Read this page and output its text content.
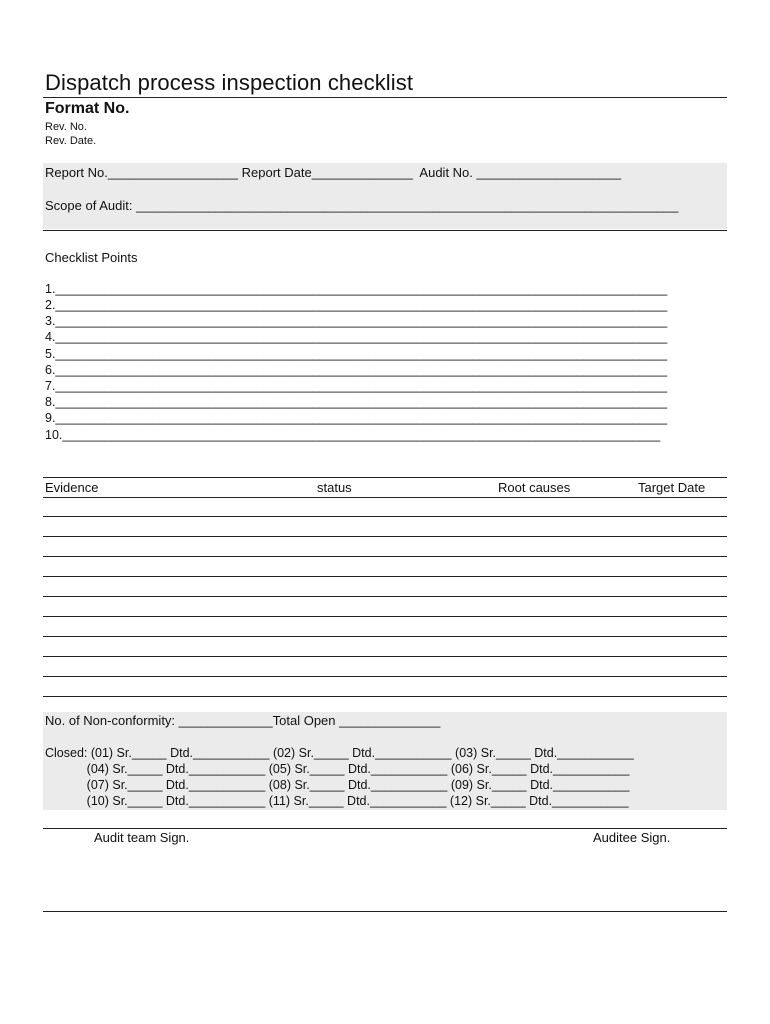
Dispatch process inspection checklist
Format No.
Rev. No.
Rev. Date.
Report No.__________________ Report Date______________  Audit No. ____________________
Scope of Audit: ___________________________________________________________________________
Checklist Points
1.________________________________________________________________________________________
2.________________________________________________________________________________________
3.________________________________________________________________________________________
4.________________________________________________________________________________________
5.________________________________________________________________________________________
6.________________________________________________________________________________________
7.________________________________________________________________________________________
8.________________________________________________________________________________________
9.________________________________________________________________________________________
10.______________________________________________________________________________________
Evidence	status	Root causes	Target Date
No. of Non-conformity: _____________Total Open ______________
Closed: (01) Sr._____ Dtd.___________ (02) Sr._____ Dtd.___________ (03) Sr._____ Dtd.___________
(04) Sr._____ Dtd.___________ (05) Sr._____ Dtd.___________ (06) Sr._____ Dtd.___________
(07) Sr._____ Dtd.___________ (08) Sr._____ Dtd.___________ (09) Sr._____ Dtd.___________
(10) Sr._____ Dtd.___________ (11) Sr._____ Dtd.___________ (12) Sr._____ Dtd.___________
Audit team Sign.	Auditee Sign.
